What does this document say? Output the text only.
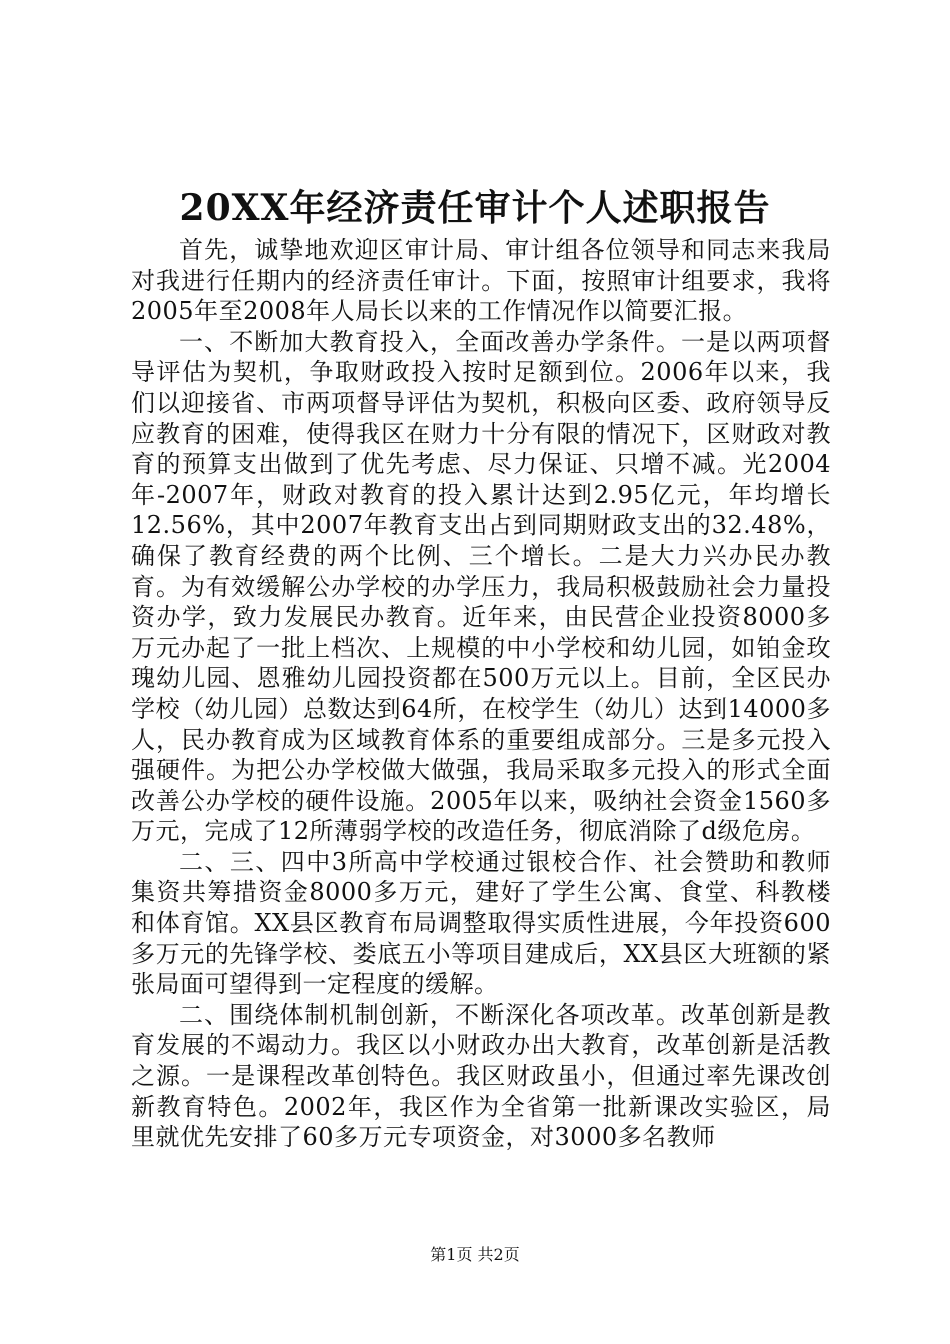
20XX年经济责任审计个人述职报告

首先，诚挚地欢迎区审计局、审计组各位领导和同志来我局对我进行任期内的经济责任审计。下面，按照审计组要求，我将2005年至2008年人局长以来的工作情况作以简要汇报。

一、不断加大教育投入，全面改善办学条件。一是以两项督导评估为契机，争取财政投入按时足额到位。2006年以来，我们以迎接省、市两项督导评估为契机，积极向区委、政府领导反应教育的困难，使得我区在财力十分有限的情况下，区财政对教育的预算支出做到了优先考虑、尽力保证、只增不减。光2004年-2007年，财政对教育的投入累计达到2.95亿元，年均增长12.56%，其中2007年教育支出占到同期财政支出的32.48%，确保了教育经费的两个比例、三个增长。二是大力兴办民办教育。为有效缓解公办学校的办学压力，我局积极鼓励社会力量投资办学，致力发展民办教育。近年来，由民营企业投资8000多万元办起了一批上档次、上规模的中小学校和幼儿园，如铂金玫瑰幼儿园、恩雅幼儿园投资都在500万元以上。目前，全区民办学校（幼儿园）总数达到64所，在校学生（幼儿）达到14000多人，民办教育成为区域教育体系的重要组成部分。三是多元投入强硬件。为把公办学校做大做强，我局采取多元投入的形式全面改善公办学校的硬件设施。2005年以来，吸纳社会资金1560多万元，完成了12所薄弱学校的改造任务，彻底消除了d级危房。

二、三、四中3所高中学校通过银校合作、社会赞助和教师集资共筹措资金8000多万元，建好了学生公寓、食堂、科教楼和体育馆。XX县区教育布局调整取得实质性进展，今年投资600多万元的先锋学校、娄底五小等项目建成后，XX县区大班额的紧张局面可望得到一定程度的缓解。

二、围绕体制机制创新，不断深化各项改革。改革创新是教育发展的不竭动力。我区以小财政办出大教育，改革创新是活教之源。一是课程改革创特色。我区财政虽小，但通过率先课改创新教育特色。2002年，我区作为全省第一批新课改实验区，局里就优先安排了60多万元专项资金，对3000多名教师

第1页 共2页
